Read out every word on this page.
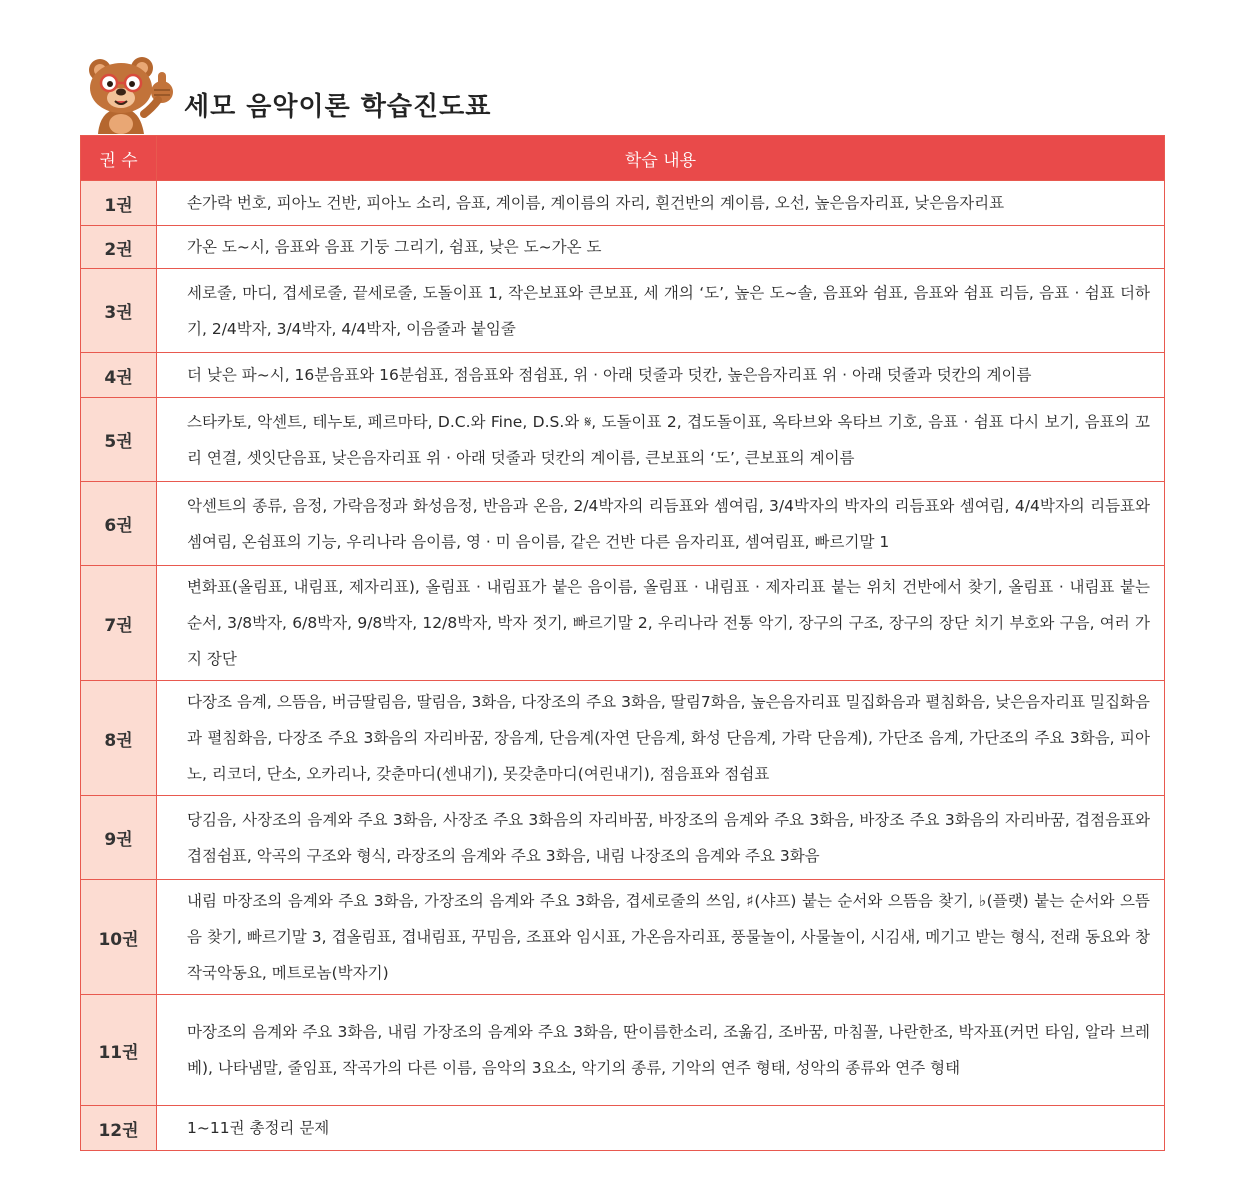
세모 음악이론 학습진도표
권 수	학습 내용
1권	손가락 번호, 피아노 건반, 피아노 소리, 음표, 계이름, 계이름의 자리, 흰건반의 계이름, 오선, 높은음자리표, 낮은음자리표
2권	가온 도~시, 음표와 음표 기둥 그리기, 쉼표, 낮은 도~가온 도
3권	세로줄, 마디, 겹세로줄, 끝세로줄, 도돌이표 1, 작은보표와 큰보표, 세 개의 ‘도’, 높은 도~솔, 음표와 쉼표, 음표와 쉼표 리듬, 음표 · 쉼표 더하기, 2/4박자, 3/4박자, 4/4박자, 이음줄과 붙임줄
4권	더 낮은 파~시, 16분음표와 16분쉼표, 점음표와 점쉼표, 위 · 아래 덧줄과 덧칸, 높은음자리표 위 · 아래 덧줄과 덧칸의 계이름
5권	스타카토, 악센트, 테누토, 페르마타, D.C.와 Fine, D.S.와 𝄋, 도돌이표 2, 겹도돌이표, 옥타브와 옥타브 기호, 음표 · 쉼표 다시 보기, 음표의 꼬리 연결, 셋잇단음표, 낮은음자리표 위 · 아래 덧줄과 덧칸의 계이름, 큰보표의 ‘도’, 큰보표의 계이름
6권	악센트의 종류, 음정, 가락음정과 화성음정, 반음과 온음, 2/4박자의 리듬표와 셈여림, 3/4박자의 박자의 리듬표와 셈여림, 4/4박자의 리듬표와 셈여림, 온쉼표의 기능, 우리나라 음이름, 영 · 미 음이름, 같은 건반 다른 음자리표, 셈여림표, 빠르기말 1
7권	변화표(올림표, 내림표, 제자리표), 올림표 · 내림표가 붙은 음이름, 올림표 · 내림표 · 제자리표 붙는 위치 건반에서 찾기, 올림표 · 내림표 붙는 순서, 3/8박자, 6/8박자, 9/8박자, 12/8박자, 박자 젓기, 빠르기말 2, 우리나라 전통 악기, 장구의 구조, 장구의 장단 치기 부호와 구음, 여러 가지 장단
8권	다장조 음계, 으뜸음, 버금딸림음, 딸림음, 3화음, 다장조의 주요 3화음, 딸림7화음, 높은음자리표 밀집화음과 펼침화음, 낮은음자리표 밀집화음과 펼침화음, 다장조 주요 3화음의 자리바꿈, 장음계, 단음계(자연 단음계, 화성 단음계, 가락 단음계), 가단조 음계, 가단조의 주요 3화음, 피아노, 리코더, 단소, 오카리나, 갖춘마디(센내기), 못갖춘마디(여린내기), 점음표와 점쉼표
9권	당김음, 사장조의 음계와 주요 3화음, 사장조 주요 3화음의 자리바꿈, 바장조의 음계와 주요 3화음, 바장조 주요 3화음의 자리바꿈, 겹점음표와 겹점쉼표, 악곡의 구조와 형식, 라장조의 음계와 주요 3화음, 내림 나장조의 음계와 주요 3화음
10권	내림 마장조의 음계와 주요 3화음, 가장조의 음계와 주요 3화음, 겹세로줄의 쓰임, ♯(샤프) 붙는 순서와 으뜸음 찾기, ♭(플랫) 붙는 순서와 으뜸음 찾기, 빠르기말 3, 겹올림표, 겹내림표, 꾸밈음, 조표와 임시표, 가온음자리표, 풍물놀이, 사물놀이, 시김새, 메기고 받는 형식, 전래 동요와 창작국악동요, 메트로놈(박자기)
11권	마장조의 음계와 주요 3화음, 내림 가장조의 음계와 주요 3화음, 딴이름한소리, 조옮김, 조바꿈, 마침꼴, 나란한조, 박자표(커먼 타임, 알라 브레베), 나타냄말, 줄임표, 작곡가의 다른 이름, 음악의 3요소, 악기의 종류, 기악의 연주 형태, 성악의 종류와 연주 형태
12권	1~11권 총정리 문제
